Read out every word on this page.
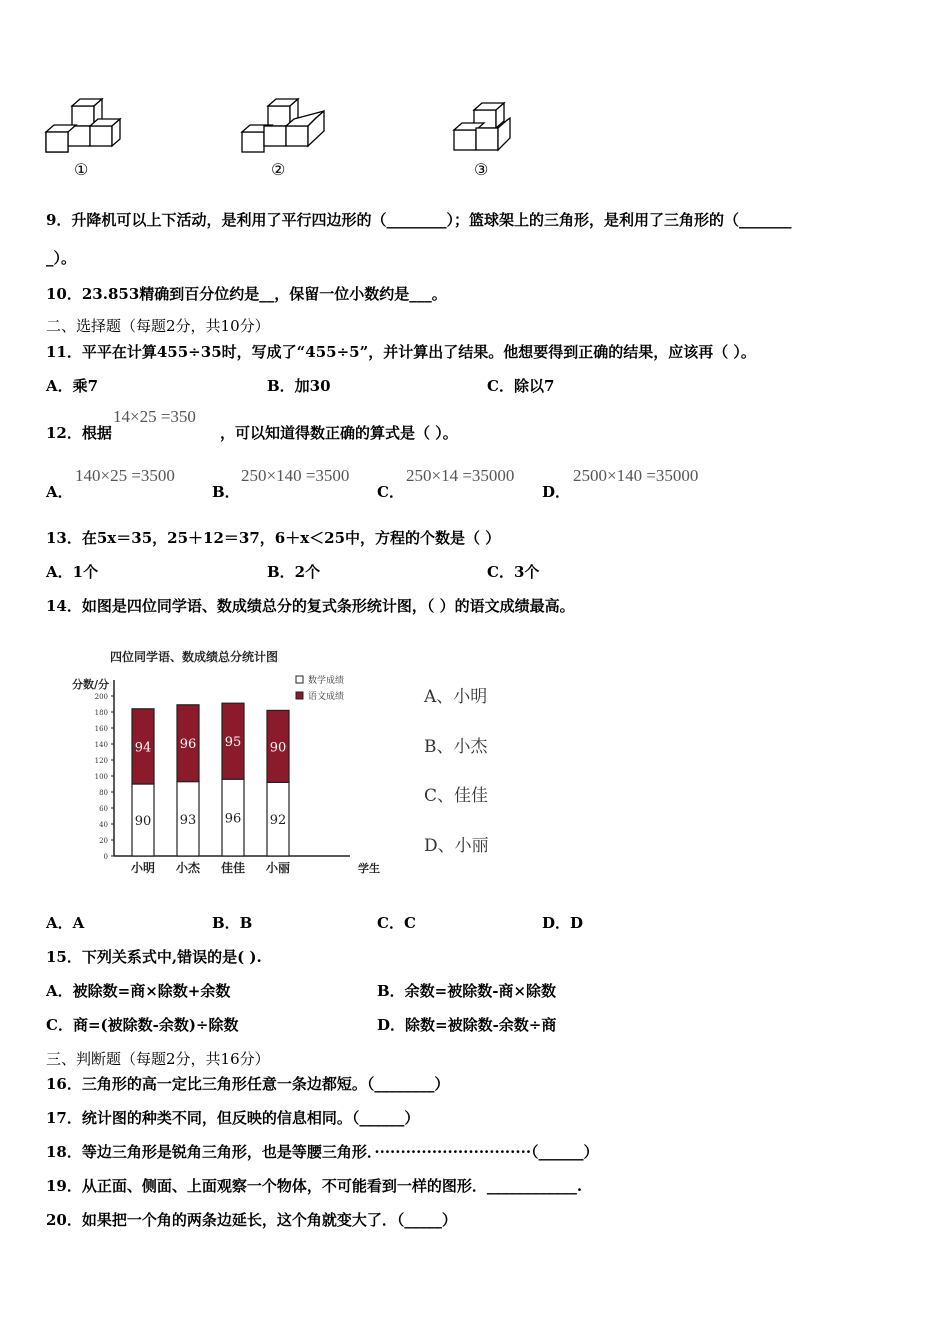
①	②	③
9．升降机可以上下活动，是利用了平行四边形的（________）；篮球架上的三角形，是利用了三角形的（_______
_）。
10．23.853精确到百分位约是__，保留一位小数约是___。
二、选择题（每题2分，共10分）
11．平平在计算455÷35时，写成了“455÷5”，并计算出了结果。他想要得到正确的结果，应该再（ ）。
A．乘7	B．加30	C．除以7
12．根据
14×25 =350
，可以知道得数正确的算式是（ ）。
A．
140×25 =3500
B．
250×140 =3500
C．
250×14 =35000
D．
2500×140 =35000
13．在5x＝35，25＋12＝37，6＋x＜25中，方程的个数是（ ）
A．1个	B．2个	C．3个
14．如图是四位同学语、数成绩总分的复式条形统计图，（ ）的语文成绩最高。
四位同学语、数成绩总分统计图
分数/分
学生
0
20
40
60
80
100
120
140
160
180
200
数学成绩
语文成绩
90
94
小明
93
96
小杰
96
95
佳佳
92
90
小丽
A、小明
B、小杰
C、佳佳
D、小丽
A．A	B．B	C．C	D．D
15．下列关系式中,错误的是( ).
A．被除数=商×除数+余数	B．余数=被除数-商×除数
C．商=(被除数-余数)÷除数	D．除数=被除数-余数÷商
三、判断题（每题2分，共16分）
16．三角形的高一定比三角形任意一条边都短。（________）
17．统计图的种类不同，但反映的信息相同。（______）
18．等边三角形是锐角三角形，也是等腰三角形．······························（______）
19．从正面、侧面、上面观察一个物体，不可能看到一样的图形．____________.
20．如果把一个角的两条边延长，这个角就变大了．（_____）
